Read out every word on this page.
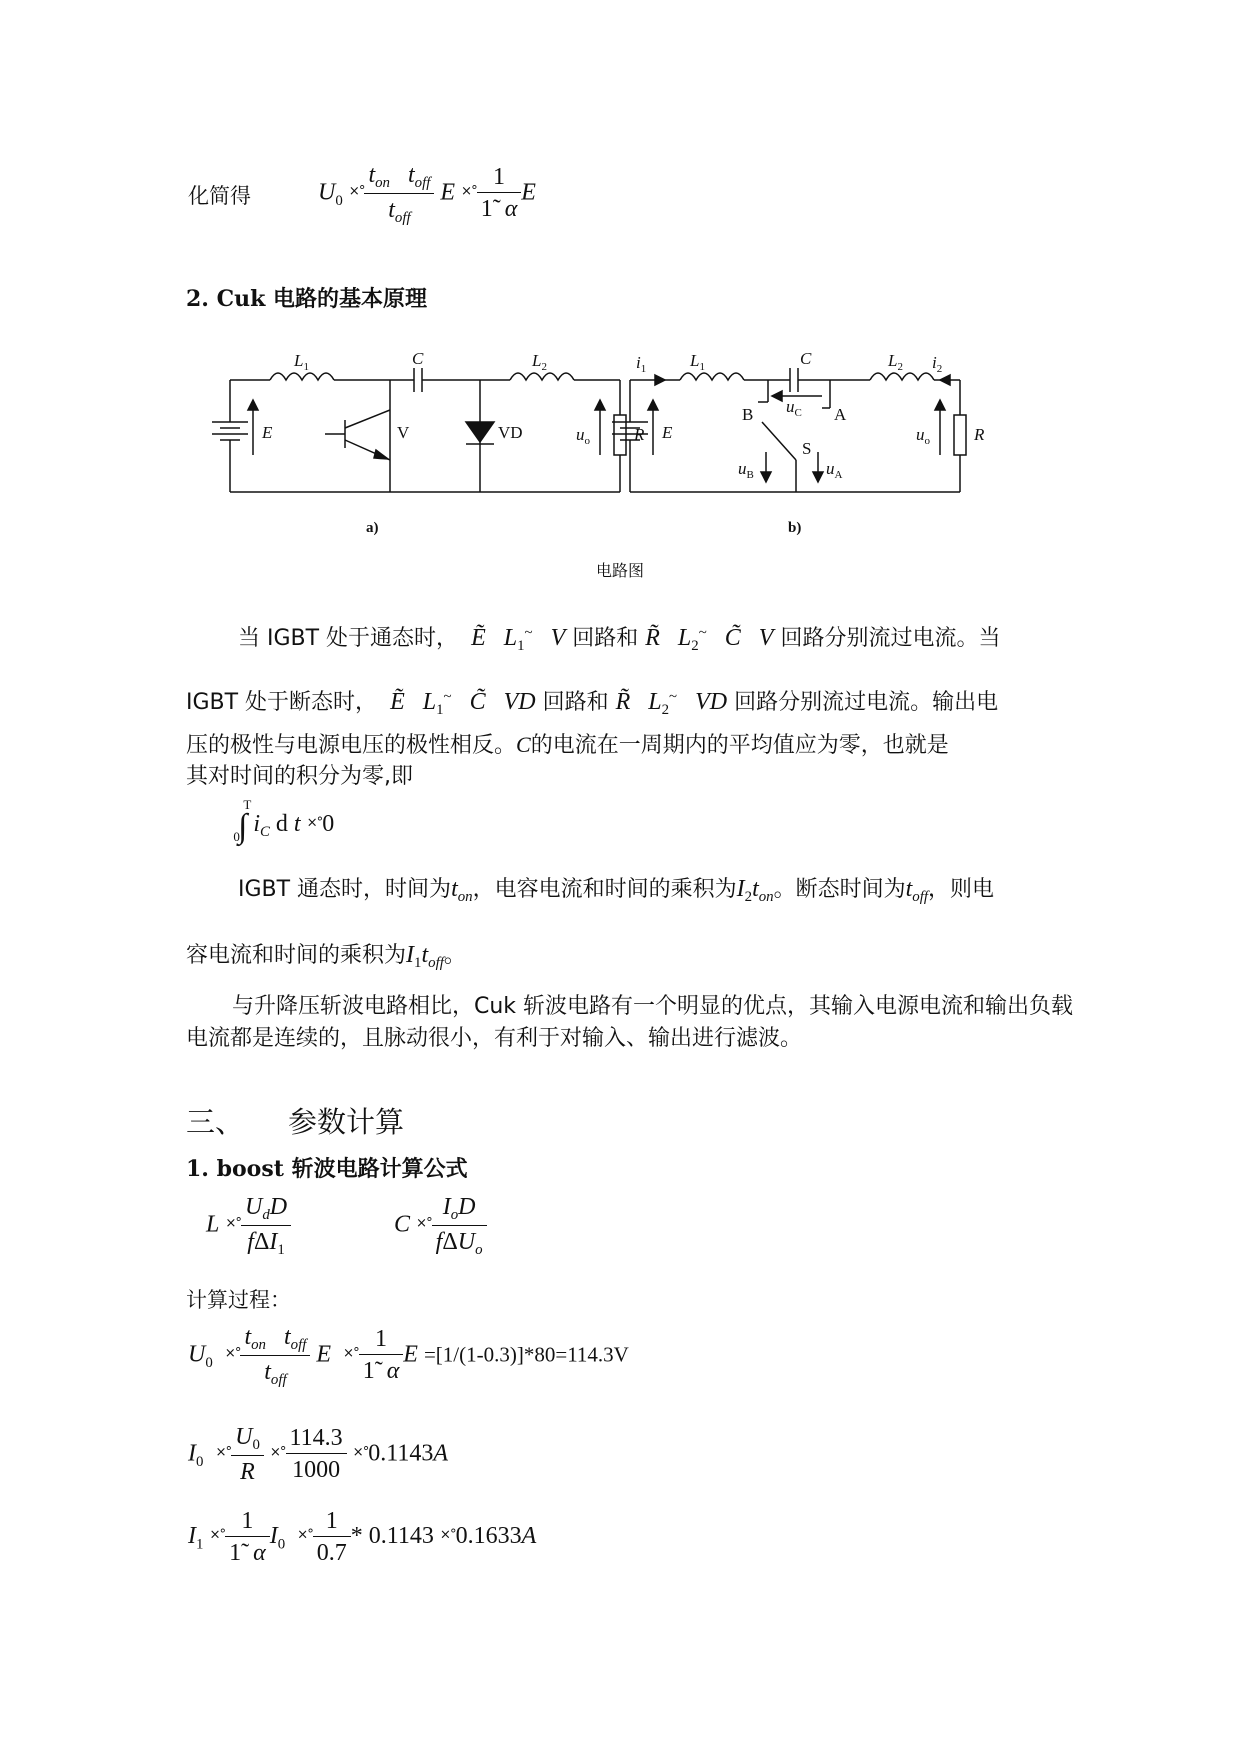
化简得	$U_0$ ×° $\frac{t_{on} t_{off}}{t_{off}}$ E ×° $\frac{1}{1̃ \alpha}$ E
2. Cuk 电路的基本原理
$L_1$	C	$L_2$
E	V	VD	$u_o$	R
a)
$i_1$	$L_1$	C	$L_2$ $i_2$
E
B $u_C$ A
S
$u_B$	$u_A$
$u_o$	R
b)
电路图
当 IGBT 处于通态时，  Ẽ   $L_1^\sim$   V 回路和 R̃   $L_2^\sim$   C̃   V 回路分别流过电流。当
IGBT 处于断态时，  Ẽ   $L_1^\sim$   C̃   VD 回路和 R̃   $L_2^\sim$   VD 回路分别流过电流。输出电
压的极性与电源电压的极性相反。C的电流在一周期内的平均值应为零，也就是
其对时间的积分为零,即
∫
T
0 $i_C$ d t ×°0
IGBT 通态时，时间为$t_{on}$，电容电流和时间的乘积为$I_2t_{on}$。断态时间为$t_{off}$，则电
容电流和时间的乘积为$I_1t_{off}$。
与升降压斩波电路相比，Cuk 斩波电路有一个明显的优点，其输入电源电流和输出负载
电流都是连续的，且脉动很小，有利于对输入、输出进行滤波。
三、 参数计算
1. boost 斩波电路计算公式
L ×° $\frac{U_dD}{f\Delta I_1}$	C ×° $\frac{I_oD}{f\Delta U_o}$
计算过程：
$U_0$  ×° $\frac{t_{on} t_{off}}{t_{off}}$ E  ×° $\frac{1}{1̃ \alpha}$ E =[1/(1-0.3)]*80=114.3V
$I_0$  ×° $\frac{U_0}{R}$ ×° $\frac{114.3}{1000} \times^\circ 0.1143A$
$I_1$ ×° $\frac{1}{1̃ \alpha} I_0$  ×° $\frac{1}{0.7} * 0.1143 \times^\circ 0.1633A$
